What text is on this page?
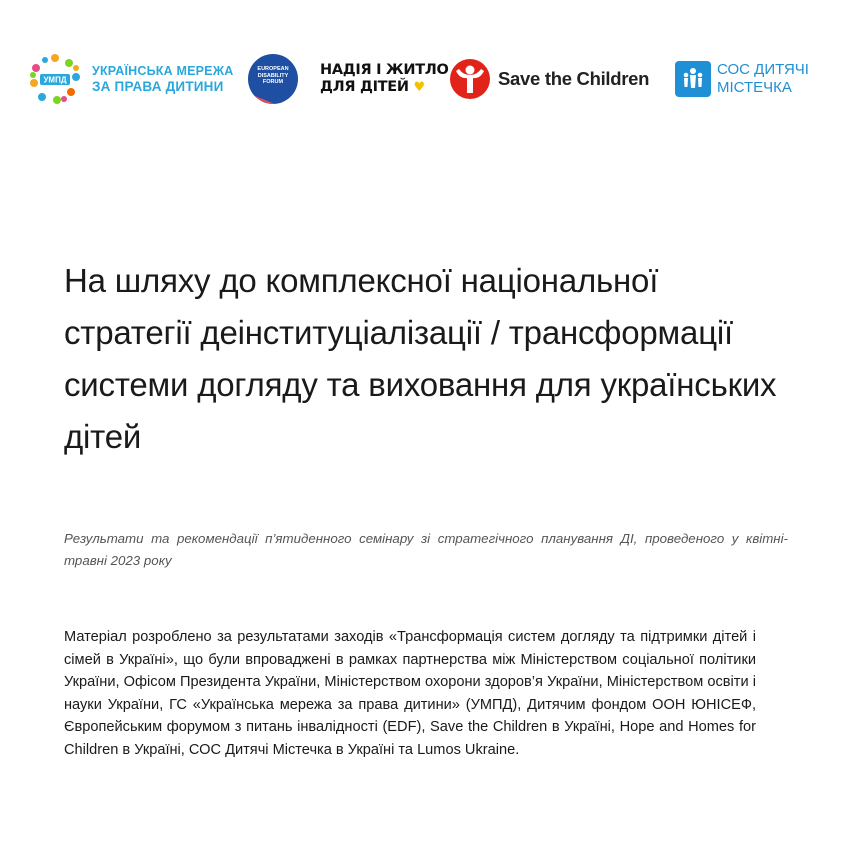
УМПД
УКРАЇНСЬКА МЕРЕЖА
ЗА ПРАВА ДИТИНИ
EUROPEAN
DISABILITY
FORUM
НАДІЯ І ЖИТЛО
ДЛЯ ДІТЕЙ ♥	Save the Children	СОС ДИТЯЧІ
МІСТЕЧКА
На шляху до комплексної національної стратегії деінституціалізації / трансформації системи догляду та виховання для українських дітей

Результати та рекомендації п’ятиденного семінару зі стратегічного планування ДІ, проведеного у квітні-травні 2023 року

Матеріал розроблено за результатами заходів «Трансформація систем догляду та підтримки дітей і сімей в Україні», що були впроваджені в рамках партнерства між Міністерством соціальної політики України, Офісом Президента України, Міністерством охорони здоров’я України, Міністерством освіти і науки України, ГС «Українська мережа за права дитини» (УМПД), Дитячим фондом ООН ЮНІСЕФ, Європейським форумом з питань інвалідності (EDF), Save the Children в Україні, Hope and Homes for Children в Україні, СОС Дитячі Містечка в Україні та Lumos Ukraine.
